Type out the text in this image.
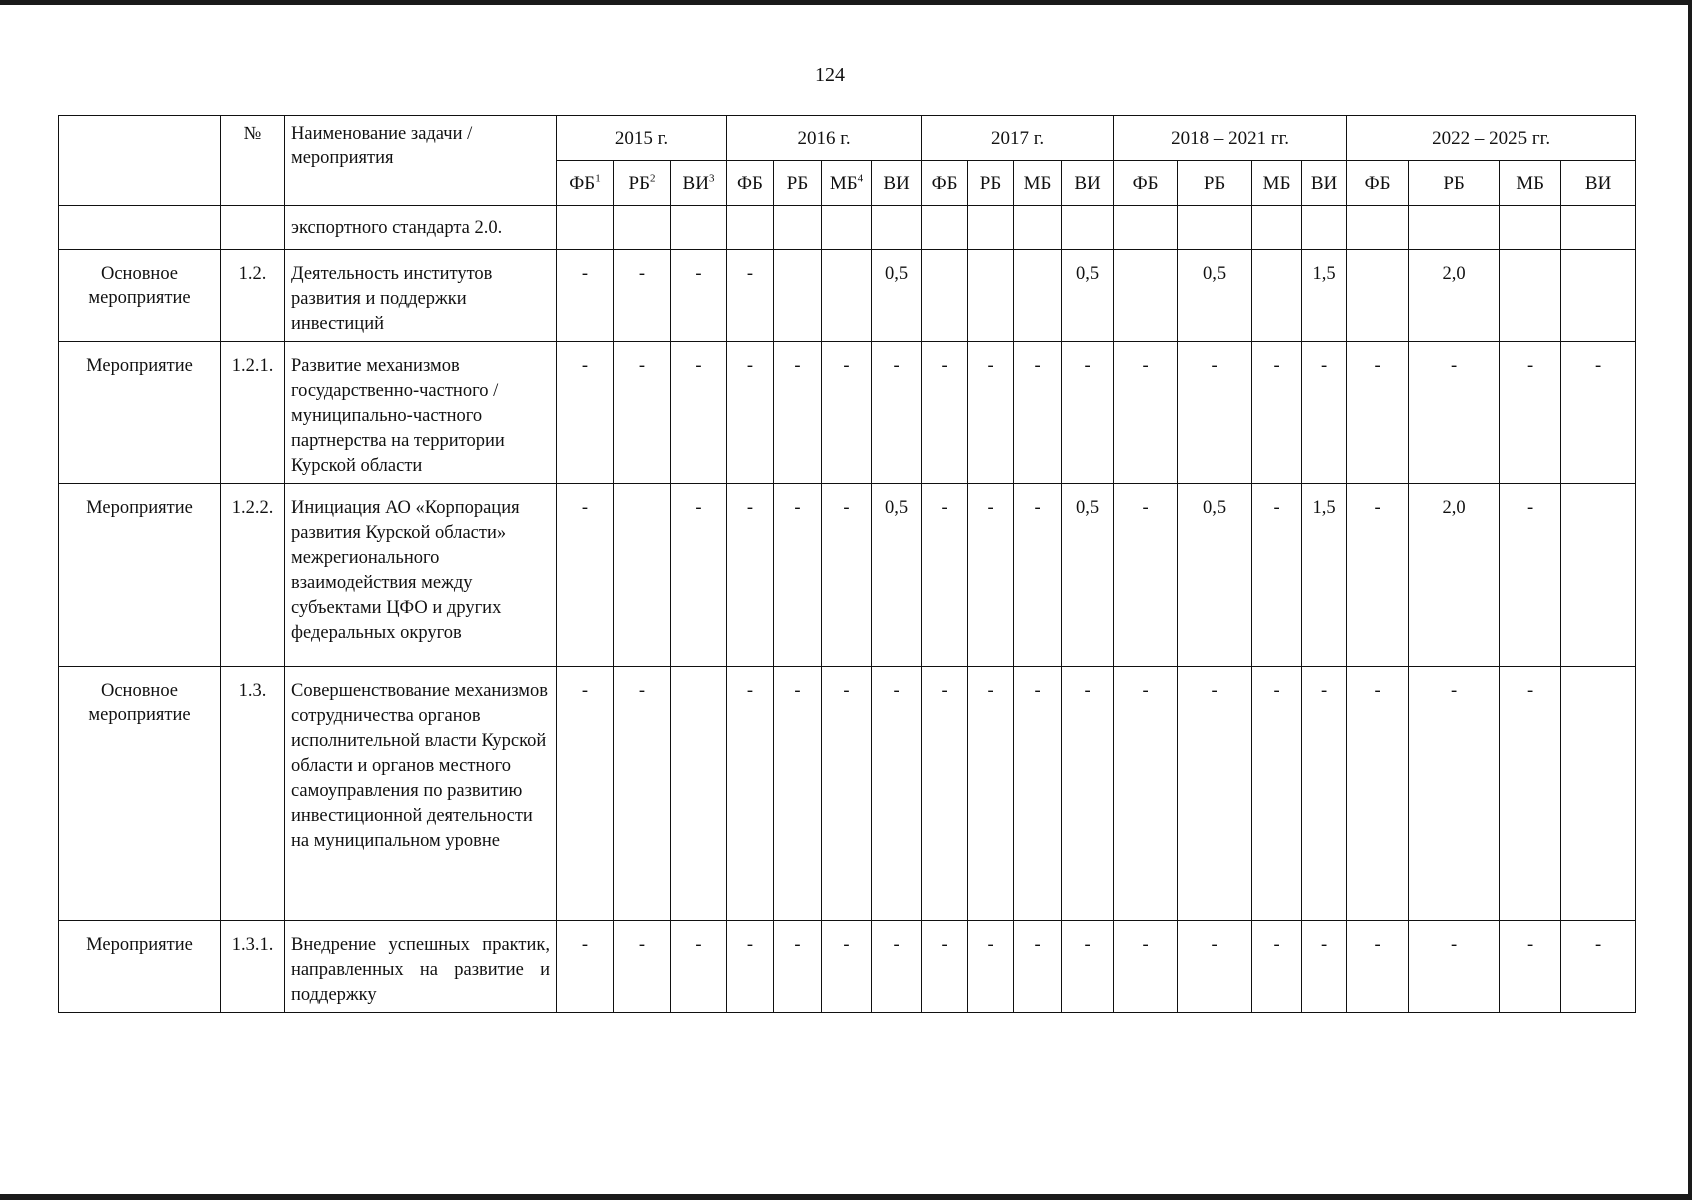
124
	№	Наименование задачи / мероприятия	2015 г.			2016 г.				2017 г.				2018 – 2021 гг.				2022 – 2025 гг.			
			$ФБ^1$	$РБ^2$	$ВИ^3$	ФБ	РБ	$МБ^4$	ВИ	ФБ	РБ	МБ	ВИ	ФБ	РБ	МБ	ВИ	ФБ	РБ	МБ	ВИ
		экспортного стандарта 2.0.																			
Основное мероприятие	1.2.	Деятельность институтов развития и поддержки инвестиций	-	-	-	-			0,5				0,5		0,5		1,5		2,0		
Мероприятие	1.2.1.	Развитие механизмов государственно-частного /муниципально-частного партнерства на территории Курской области	-	-	-	-	-	-	-	-	-	-	-	-	-	-	-	-	-	-	-
Мероприятие	1.2.2.	Инициация АО «Корпорация развития Курской области» межрегионального взаимодействия между субъектами ЦФО и других федеральных округов	-		-	-	-	-	0,5	-	-	-	0,5	-	0,5	-	1,5	-	2,0	-	
Основное мероприятие	1.3.	Совершенствование механизмов сотрудничества органов исполнительной власти Курской области и органов местного самоуправления по развитию инвестиционной деятельности на муниципальном уровне	-	-		-	-	-	-	-	-	-	-	-	-	-	-	-	-	-	
Мероприятие	1.3.1.	Внедрение успешных практик, направленных на развитие и поддержку	-	-	-	-	-	-	-	-	-	-	-	-	-	-	-	-	-	-	-
